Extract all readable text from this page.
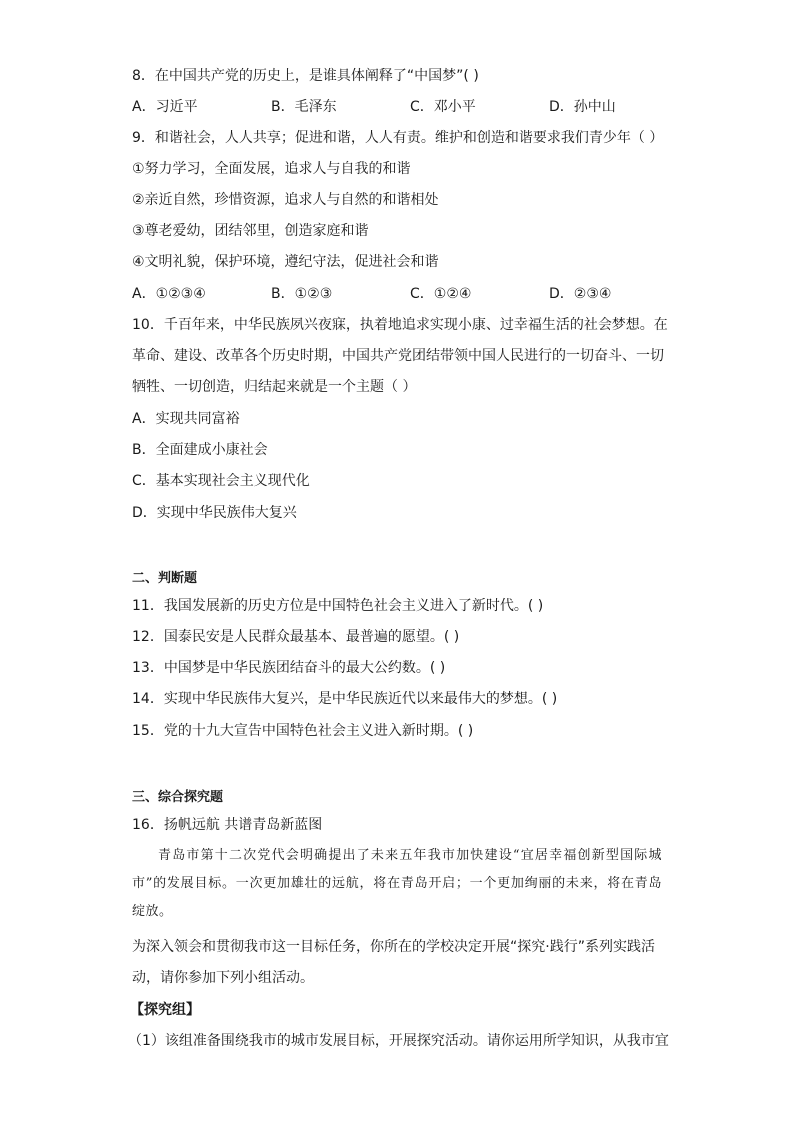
8．在中国共产党的历史上，是谁具体阐释了“中国梦”( )
A．习近平	B．毛泽东	C．邓小平	D．孙中山
9．和谐社会，人人共享；促进和谐，人人有责。维护和创造和谐要求我们青少年（ ）
①努力学习，全面发展，追求人与自我的和谐
②亲近自然，珍惜资源，追求人与自然的和谐相处
③尊老爱幼，团结邻里，创造家庭和谐
④文明礼貌，保护环境，遵纪守法，促进社会和谐
A．①②③④	B．①②③	C．①②④	D．②③④
10．千百年来，中华民族夙兴夜寐，执着地追求实现小康、过幸福生活的社会梦想。在
革命、建设、改革各个历史时期，中国共产党团结带领中国人民进行的一切奋斗、一切
牺牲、一切创造，归结起来就是一个主题（ ）
A．实现共同富裕
B．全面建成小康社会
C．基本实现社会主义现代化
D．实现中华民族伟大复兴
二、判断题
11．我国发展新的历史方位是中国特色社会主义进入了新时代。( )
12．国泰民安是人民群众最基本、最普遍的愿望。( )
13．中国梦是中华民族团结奋斗的最大公约数。( )
14．实现中华民族伟大复兴，是中华民族近代以来最伟大的梦想。( )
15．党的十九大宣告中国特色社会主义进入新时期。( )
三、综合探究题
16．扬帆远航 共谱青岛新蓝图
青岛市第十二次党代会明确提出了未来五年我市加快建设“宜居幸福创新型国际城市”的发展目标。一次更加雄壮的远航，将在青岛开启；一个更加绚丽的未来，将在青岛绽放。
为深入领会和贯彻我市这一目标任务，你所在的学校决定开展“探究·践行”系列实践活
动，请你参加下列小组活动。
【探究组】
（1）该组准备围绕我市的城市发展目标，开展探究活动。请你运用所学知识，从我市宜
